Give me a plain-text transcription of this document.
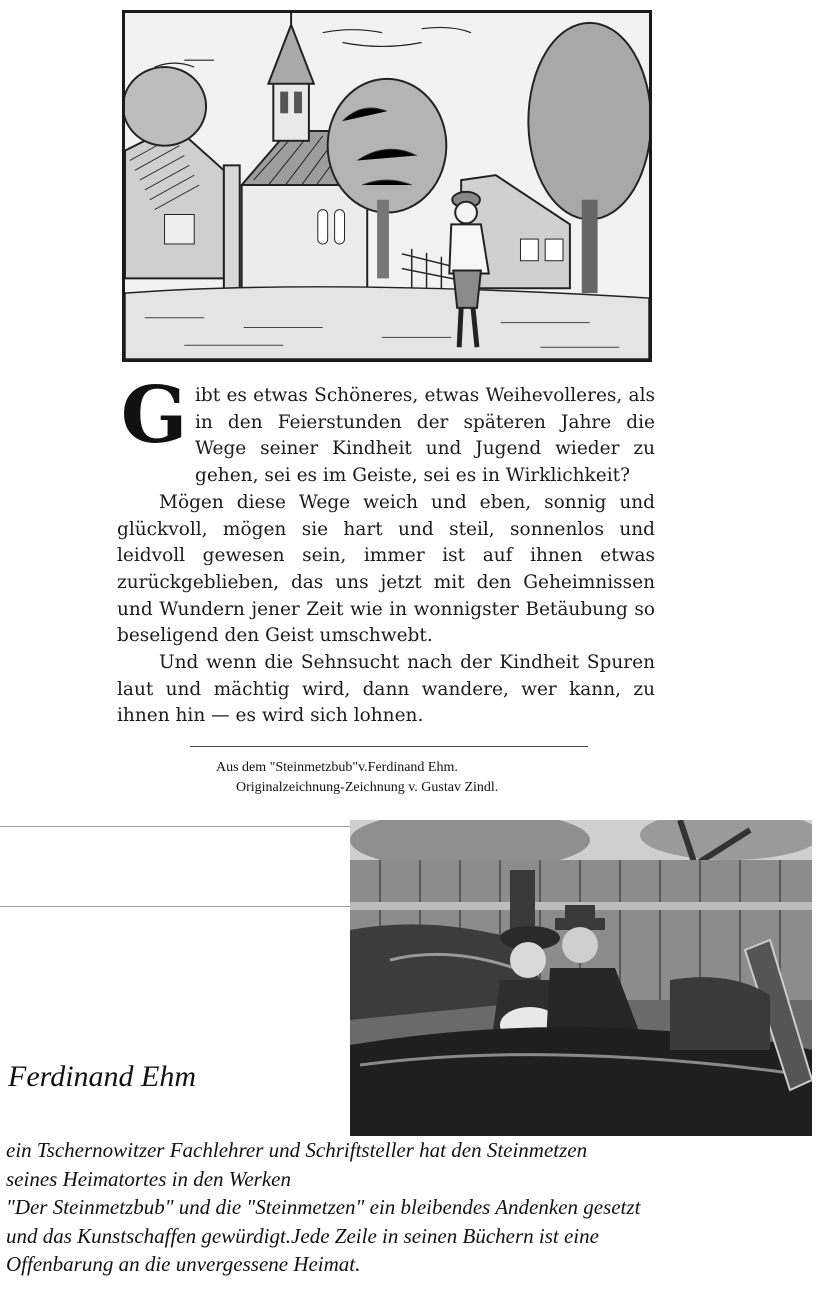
Gibt es etwas Schöneres, etwas Weihevolleres, als in den Feierstunden der späteren Jahre die Wege seiner Kindheit und Jugend wieder zu gehen, sei es im Geiste, sei es in Wirklichkeit?

Mögen diese Wege weich und eben, sonnig und glückvoll, mögen sie hart und steil, sonnenlos und leidvoll gewesen sein, immer ist auf ihnen etwas zurückgeblieben, das uns jetzt mit den Geheimnissen und Wundern jener Zeit wie in wonnigster Betäubung so beseligend den Geist umschwebt.

Und wenn die Sehnsucht nach der Kindheit Spuren laut und mächtig wird, dann wandere, wer kann, zu ihnen hin — es wird sich lohnen.

Aus dem "Steinmetzbub"v.Ferdinand Ehm.
Originalzeichnung-Zeichnung v. Gustav Zindl.
Ferdinand Ehm
ein Tschernowitzer Fachlehrer und Schriftsteller hat den Steinmetzen
seines Heimatortes in den Werken
"Der Steinmetzbub" und die "Steinmetzen" ein bleibendes Andenken gesetzt
und das Kunstschaffen gewürdigt.Jede Zeile in seinen Büchern ist eine
Offenbarung an die unvergessene Heimat.
